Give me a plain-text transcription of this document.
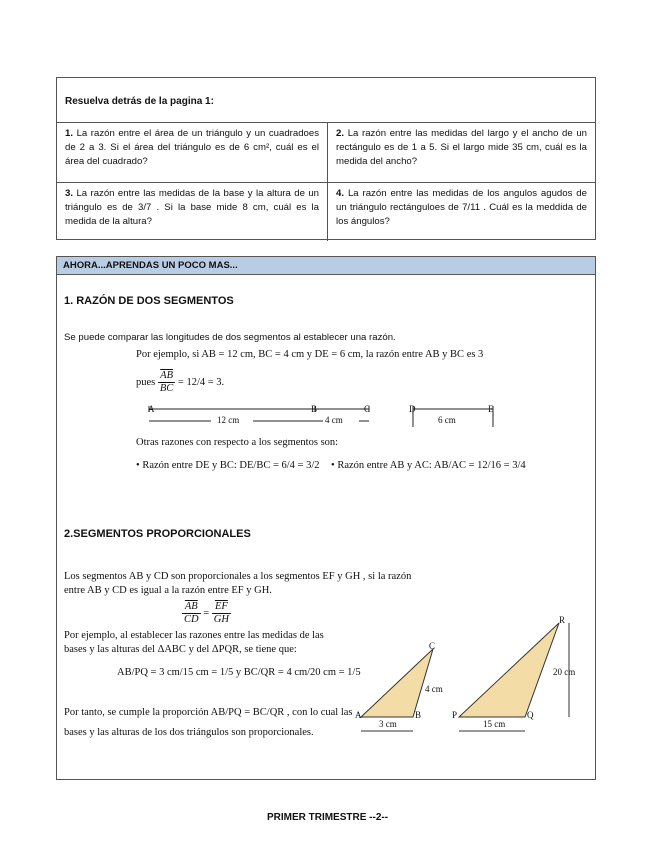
Resuelva detrás de la pagina 1:
1. La razón entre el área de un triángulo y un cuadradoes de 2 a 3. Si el área del triángulo es de 6 cm², cuál es el área del cuadrado?
2. La razón entre las medidas del largo y el ancho de un rectángulo es de 1 a 5. Si el largo mide 35 cm, cuál es la medida del ancho?
3. La razón entre las medidas de la base y la altura de un triángulo es de 3/7 . Si la base mide 8 cm, cuál es la medida de la altura?
4. La razón entre las medidas de los angulos agudos de un triángulo rectánguloes de 7/11 . Cuál es la meddida de los ángulos?
AHORA...APRENDAS UN POCO MAS...
1. RAZÓN DE DOS SEGMENTOS
Se puede comparar las longitudes de dos segmentos al establecer una razón.
Por ejemplo, si AB = 12 cm, BC = 4 cm y DE = 6 cm, la razón entre AB y BC es 3
pues $\frac{\overline{AB}}{BC} = 12/4 = 3$.
A	B	C	D	E
12 cm	4 cm	6 cm
Otras razones con respecto a los segmentos son:
• Razón entre DE y BC: DE/BC = 6/4 = 3/2 • Razón entre AB y AC: AB/AC = 12/16 = 3/4
2.SEGMENTOS PROPORCIONALES
Los segmentos AB y CD son proporcionales a los segmentos EF y GH , si la razón
entre AB y CD es igual a la razón entre EF y GH.
$\frac{\overline{AB}}{CD} = \frac{\overline{EF}}{GH}$
Por ejemplo, al establecer las razones entre las medidas de las
bases y las alturas del ΔABC y del ΔPQR, se tiene que:
AB/PQ = 3 cm/15 cm = 1/5 y BC/QR = 4 cm/20 cm = 1/5
Por tanto, se cumple la proporción AB/PQ = BC/QR , con lo cual las
bases y las alturas de los dos triángulos son proporcionales.
A	B
C
P	Q
R
3 cm
4 cm
15 cm
20 cm
PRIMER TRIMESTRE --2--
